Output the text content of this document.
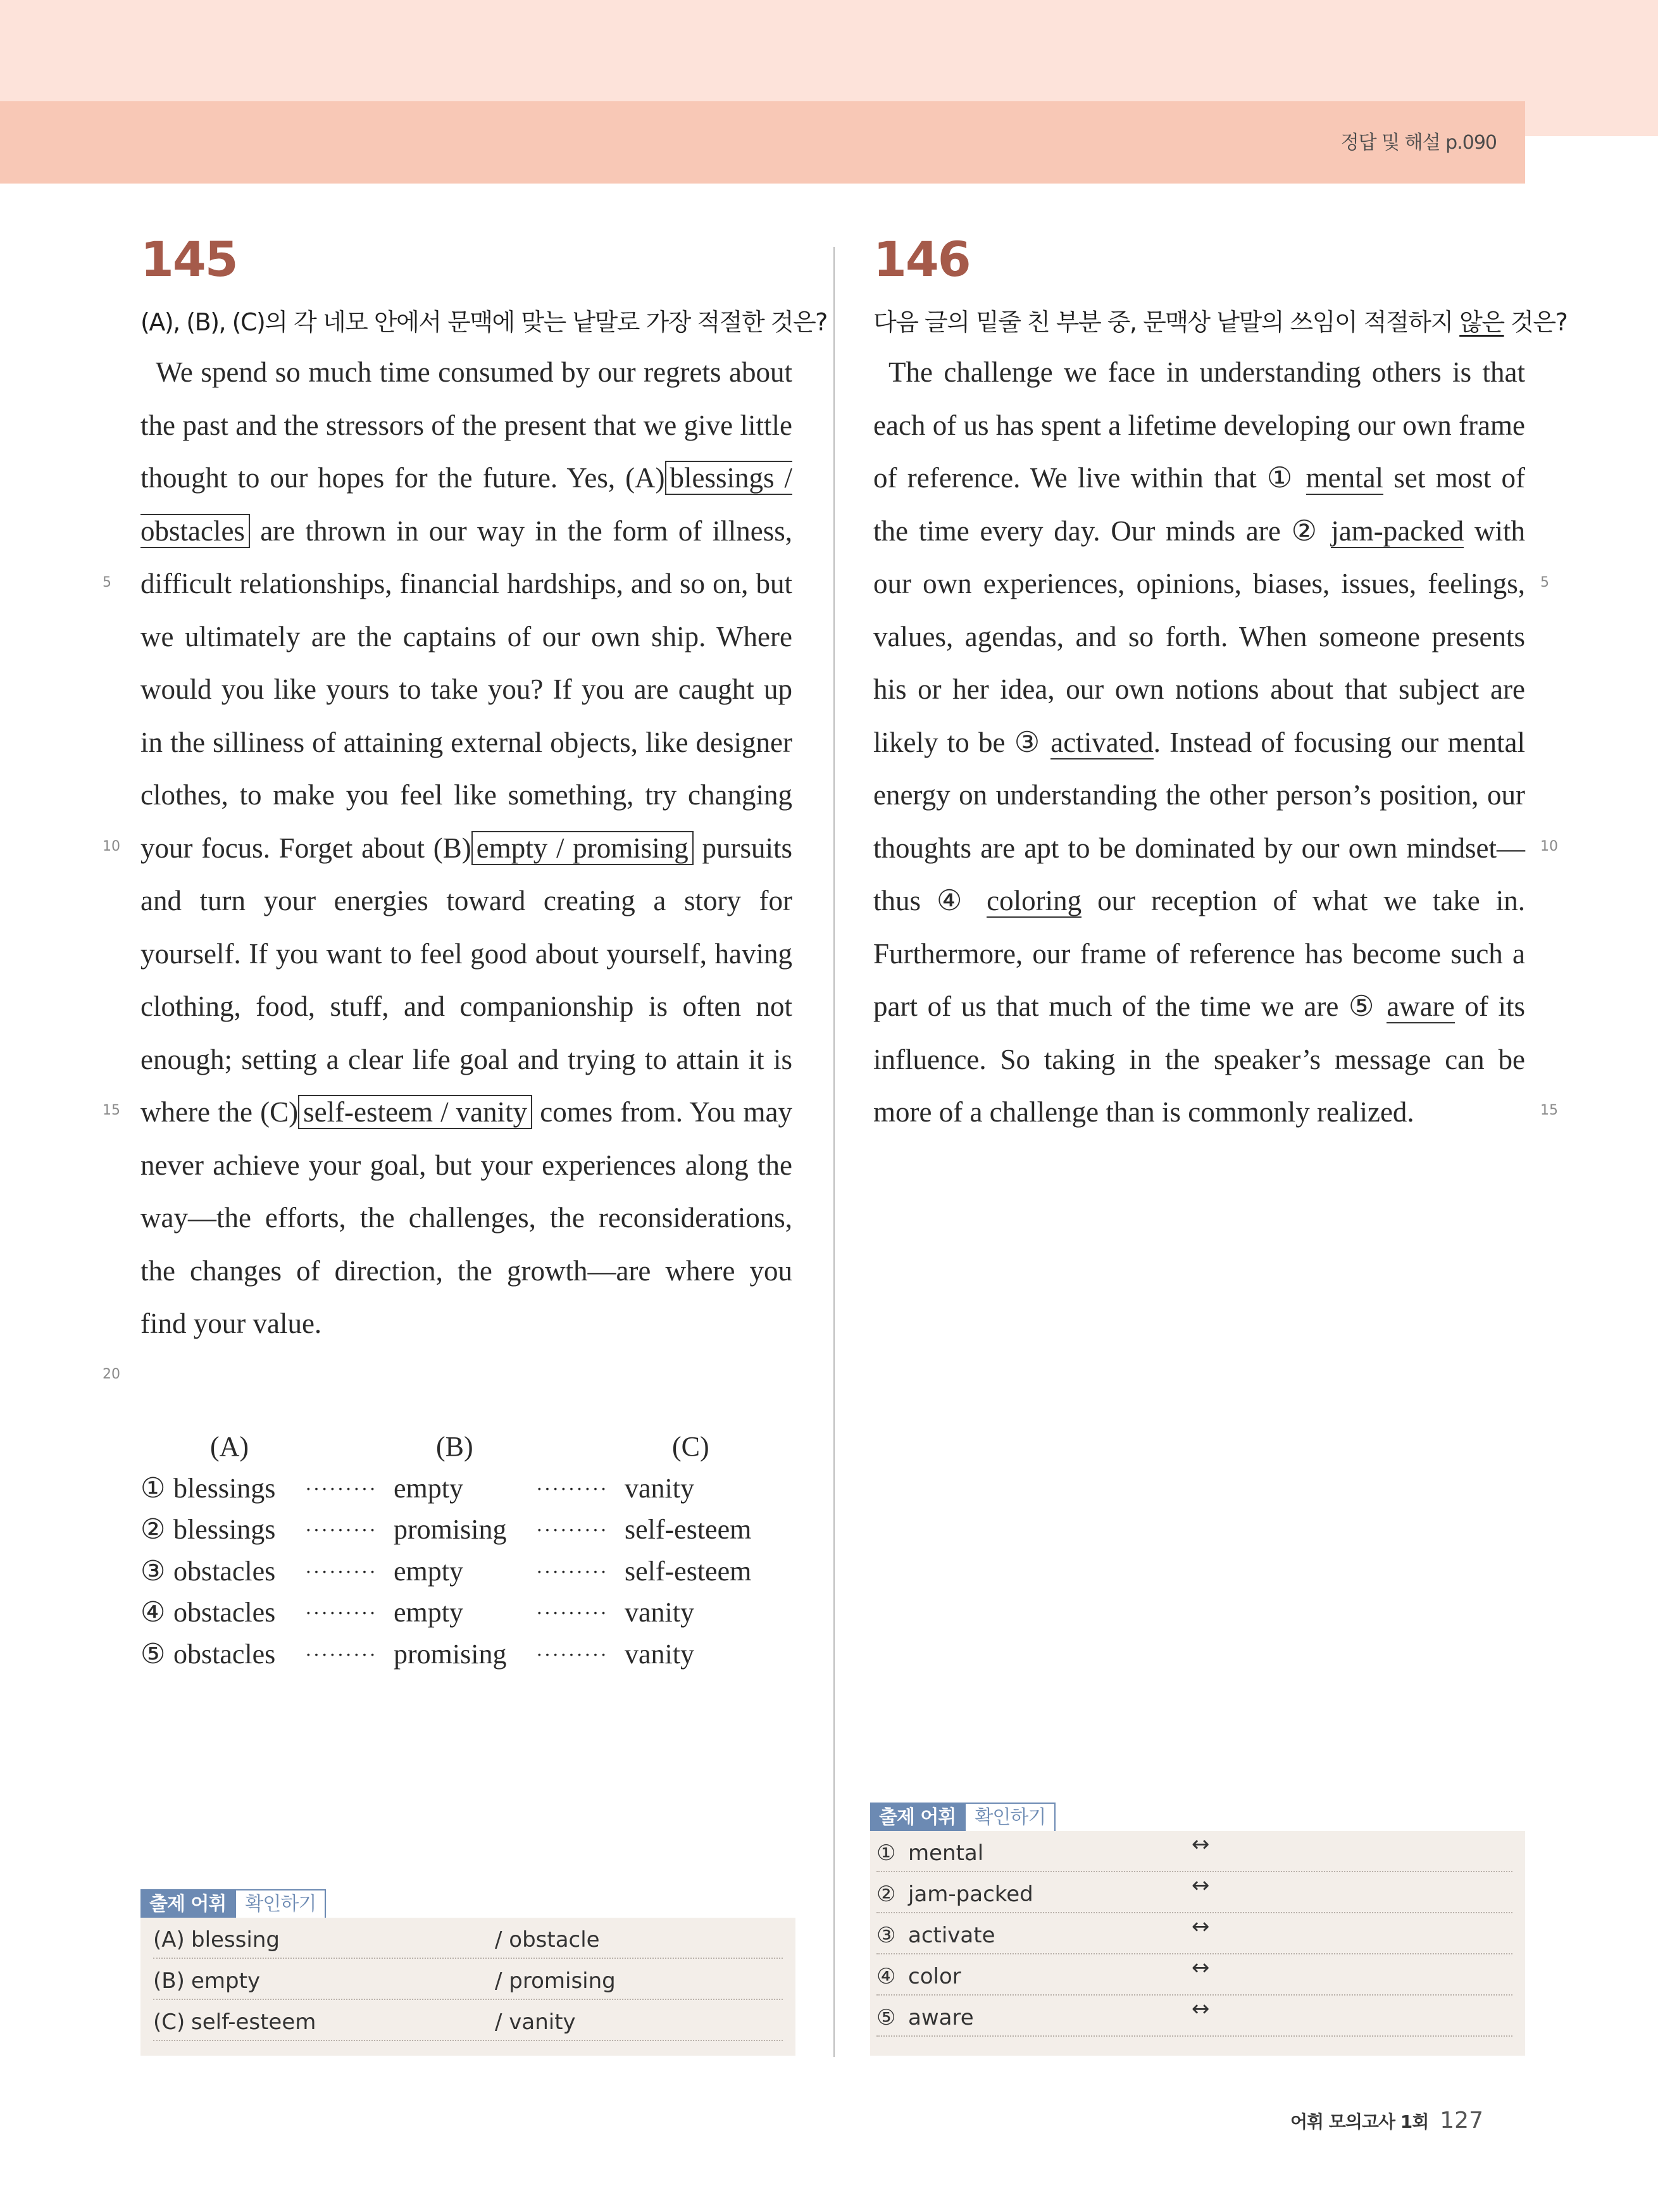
정답 및 해설 p.090
145
(A), (B), (C)의 각 네모 안에서 문맥에 맞는 낱말로 가장 적절한 것은?

We spend so much time consumed by our regrets about the past and the stressors of the present that we give little thought to our hopes for the future. Yes, (A) blessings / obstacles are thrown in our way in the form of illness, difficult relationships, financial hardships, and so on, but we ultimately are the captains of our own ship. Where would you like yours to take you? If you are caught up in the silliness of attaining external objects, like designer clothes, to make you feel like something, try changing your focus. Forget about (B) empty / promising pursuits and turn your energies toward creating a story for yourself. If you want to feel good about yourself, having clothing, food, stuff, and companionship is often not enough; setting a clear life goal and trying to attain it is where the (C) self-esteem / vanity comes from. You may never achieve your goal, but your experiences along the way—the efforts, the challenges, the reconsiderations, the changes of direction, the growth—are where you find your value.

5
10
15
20
(A)	(B)	(C)
① blessings ········· empty	········· vanity
② blessings ········· promising ········· self-esteem
③ obstacles ········· empty	········· self-esteem
④ obstacles ········· empty	········· vanity
⑤ obstacles ········· promising ········· vanity
출제 어휘	확인하기
(A) blessing	/ obstacle
(B) empty	/ promising
(C) self-esteem	/ vanity
146
다음 글의 밑줄 친 부분 중, 문맥상 낱말의 쓰임이 적절하지 않은 것은?

The challenge we face in understanding others is that each of us has spent a lifetime developing our own frame of reference. We live within that ① mental set most of the time every day. Our minds are ② jam-packed with our own experiences, opinions, biases, issues, feelings, values, agendas, and so forth. When someone presents his or her idea, our own notions about that subject are likely to be ③ activated. Instead of focusing our mental energy on understanding the other person’s position, our thoughts are apt to be dominated by our own mindset—thus ④ coloring our reception of what we take in. Furthermore, our frame of reference has become such a part of us that much of the time we are ⑤ aware of its influence. So taking in the speaker’s message can be more of a challenge than is commonly realized.

5
10
15
출제 어휘	확인하기
① mental	↔
② jam-packed	↔
③ activate	↔
④ color	↔
⑤ aware	↔
어휘 모의고사 1회 127
